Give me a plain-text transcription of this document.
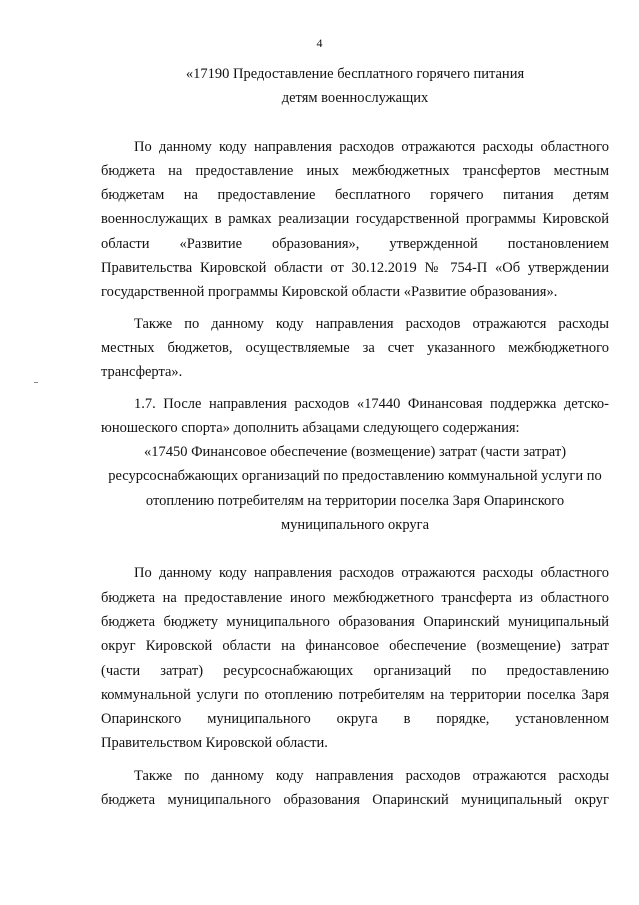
4
«17190 Предоставление бесплатного горячего питания
детям военнослужащих
По данному коду направления расходов отражаются расходы областного
бюджета на предоставление иных межбюджетных трансфертов местным
бюджетам на предоставление бесплатного горячего питания детям
военнослужащих в рамках реализации государственной программы Кировской
области «Развитие образования», утвержденной постановлением
Правительства Кировской области от 30.12.2019 № 754-П «Об утверждении
государственной программы Кировской области «Развитие образования».
Также по данному коду направления расходов отражаются расходы
местных бюджетов, осуществляемые за счет указанного межбюджетного
трансферта».
1.7. После направления расходов «17440 Финансовая поддержка детско-
юношеского спорта» дополнить абзацами следующего содержания:
«17450 Финансовое обеспечение (возмещение) затрат (части затрат)
ресурсоснабжающих организаций по предоставлению коммунальной услуги по
отоплению потребителям на территории поселка Заря Опаринского
муниципального округа
По данному коду направления расходов отражаются расходы областного
бюджета на предоставление иного межбюджетного трансферта из областного
бюджета бюджету муниципального образования Опаринский муниципальный
округ Кировской области на финансовое обеспечение (возмещение) затрат
(части затрат) ресурсоснабжающих организаций по предоставлению
коммунальной услуги по отоплению потребителям на территории поселка Заря
Опаринского муниципального округа в порядке, установленном
Правительством Кировской области.
Также по данному коду направления расходов отражаются расходы
бюджета муниципального образования Опаринский муниципальный округ
